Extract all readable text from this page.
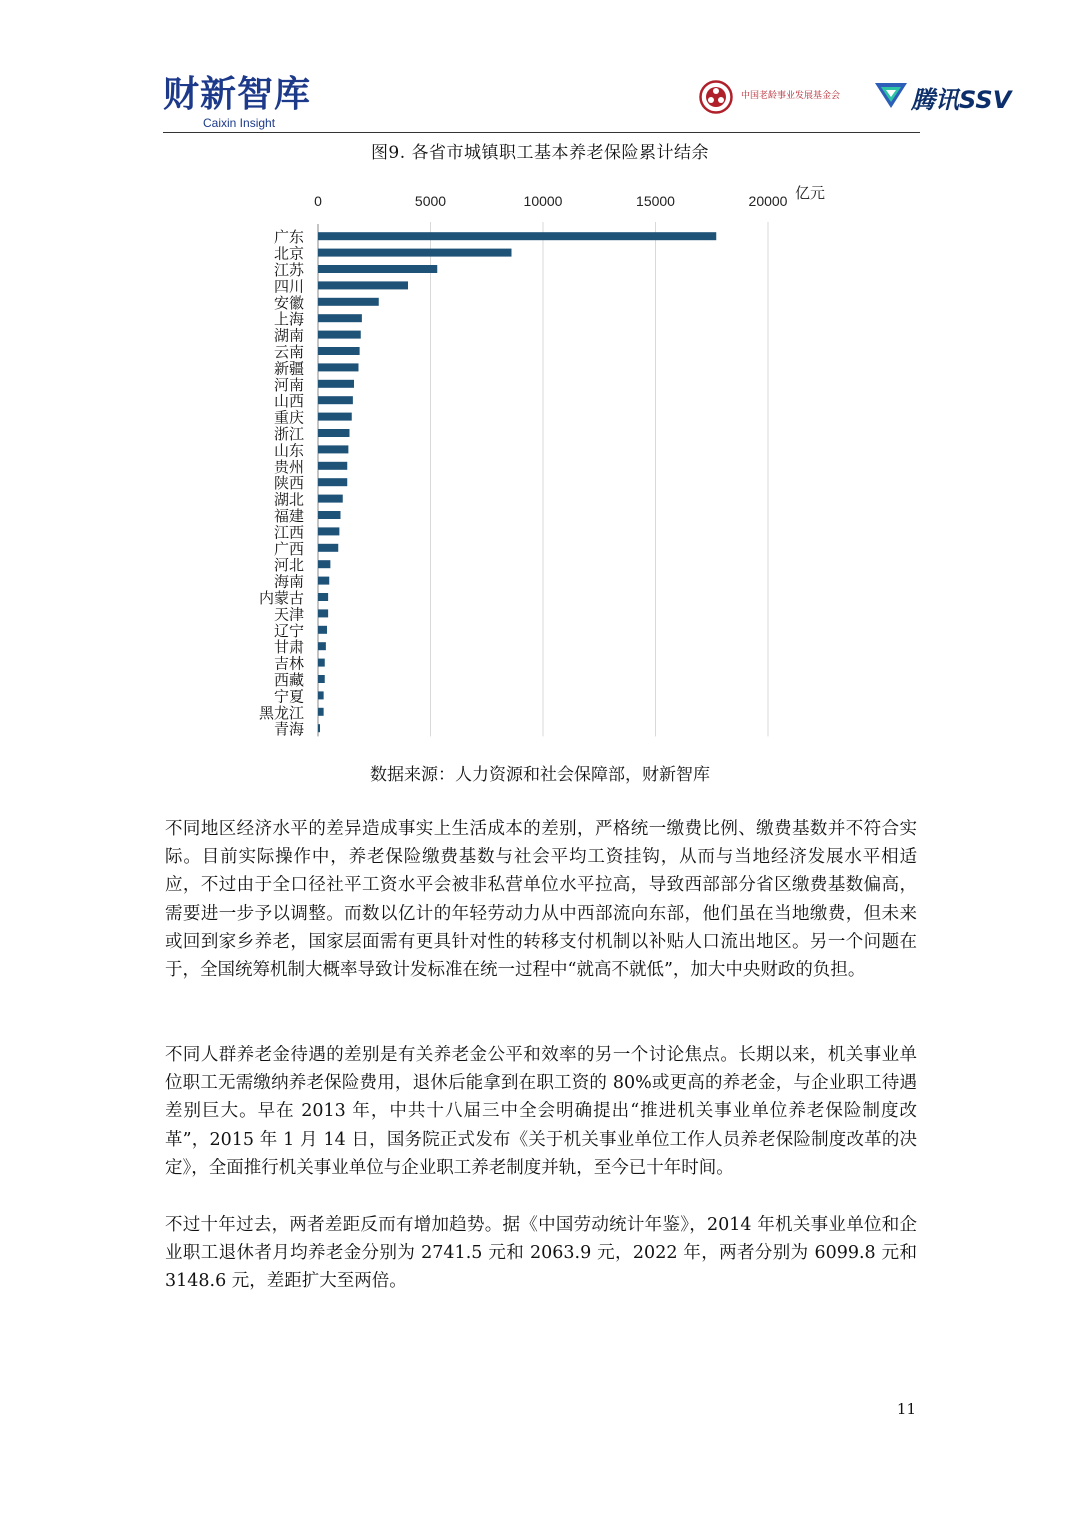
财新智库
Caixin Insight
中国老龄事业发展基金会	腾讯SSV
图9. 各省市城镇职工基本养老保险累计结余
0	5000	10000	15000	20000 亿元
广东
北京
江苏
四川
安徽
上海
湖南
云南
新疆
河南
山西
重庆
浙江
山东
贵州
陕西
湖北
福建
江西
广西
河北
海南
内蒙古
天津
辽宁
甘肃
吉林
西藏
宁夏
黑龙江
青海
数据来源：人力资源和社会保障部，财新智库

不同地区经济水平的差异造成事实上生活成本的差别，严格统一缴费比例、缴费基数并不符合实际。目前实际操作中，养老保险缴费基数与社会平均工资挂钩，从而与当地经济发展水平相适应，不过由于全口径社平工资水平会被非私营单位水平拉高，导致西部部分省区缴费基数偏高，需要进一步予以调整。而数以亿计的年轻劳动力从中西部流向东部，他们虽在当地缴费，但未来或回到家乡养老，国家层面需有更具针对性的转移支付机制以补贴人口流出地区。另一个问题在于，全国统筹机制大概率导致计发标准在统一过程中“就高不就低”，加大中央财政的负担。

不同人群养老金待遇的差别是有关养老金公平和效率的另一个讨论焦点。长期以来，机关事业单位职工无需缴纳养老保险费用，退休后能拿到在职工资的 80%或更高的养老金，与企业职工待遇差别巨大。早在 2013 年，中共十八届三中全会明确提出“推进机关事业单位养老保险制度改革”，2015 年 1 月 14 日，国务院正式发布《关于机关事业单位工作人员养老保险制度改革的决定》，全面推行机关事业单位与企业职工养老制度并轨，至今已十年时间。

不过十年过去，两者差距反而有增加趋势。据《中国劳动统计年鉴》，2014 年机关事业单位和企业职工退休者月均养老金分别为 2741.5 元和 2063.9 元，2022 年，两者分别为 6099.8 元和 3148.6 元，差距扩大至两倍。

11
